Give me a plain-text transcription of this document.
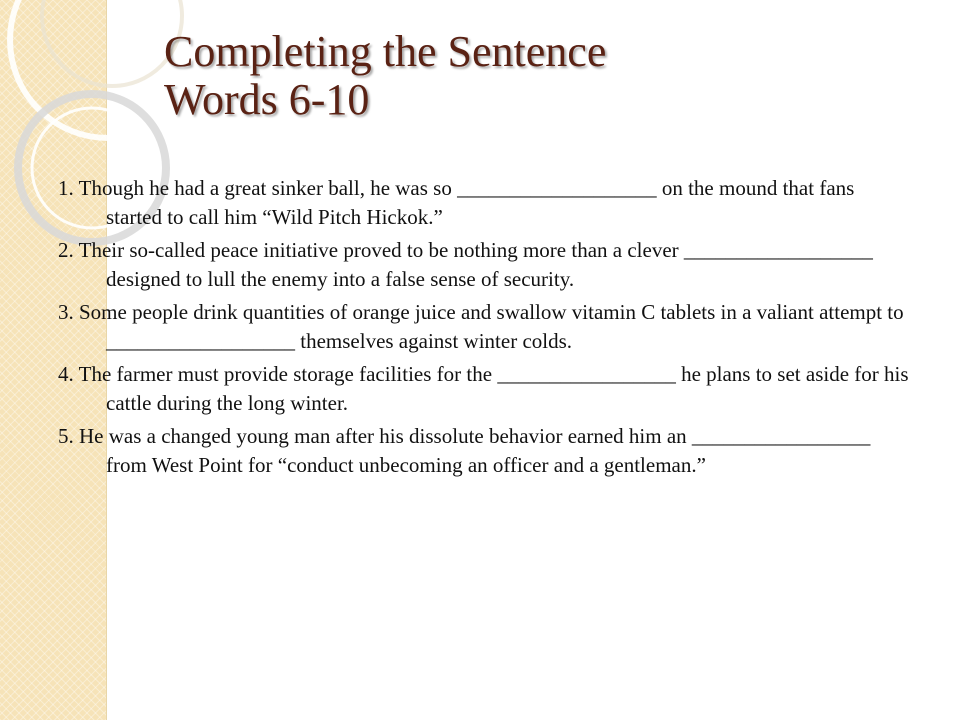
Completing the Sentence
Words 6-10

1. Though he had a great sinker ball, he was so ___________________ on the mound that fans started to call him “Wild Pitch Hickok.”

2. Their so-called peace initiative proved to be nothing more than a clever __________________ designed to lull the enemy into a false sense of security.

3. Some people drink quantities of orange juice and swallow vitamin C tablets in a valiant attempt to __________________ themselves against winter colds.

4. The farmer must provide storage facilities for the _________________ he plans to set aside for his cattle during the long winter.

5. He was a changed young man after his dissolute behavior earned him an _________________ from West Point for “conduct unbecoming an officer and a gentleman.”
